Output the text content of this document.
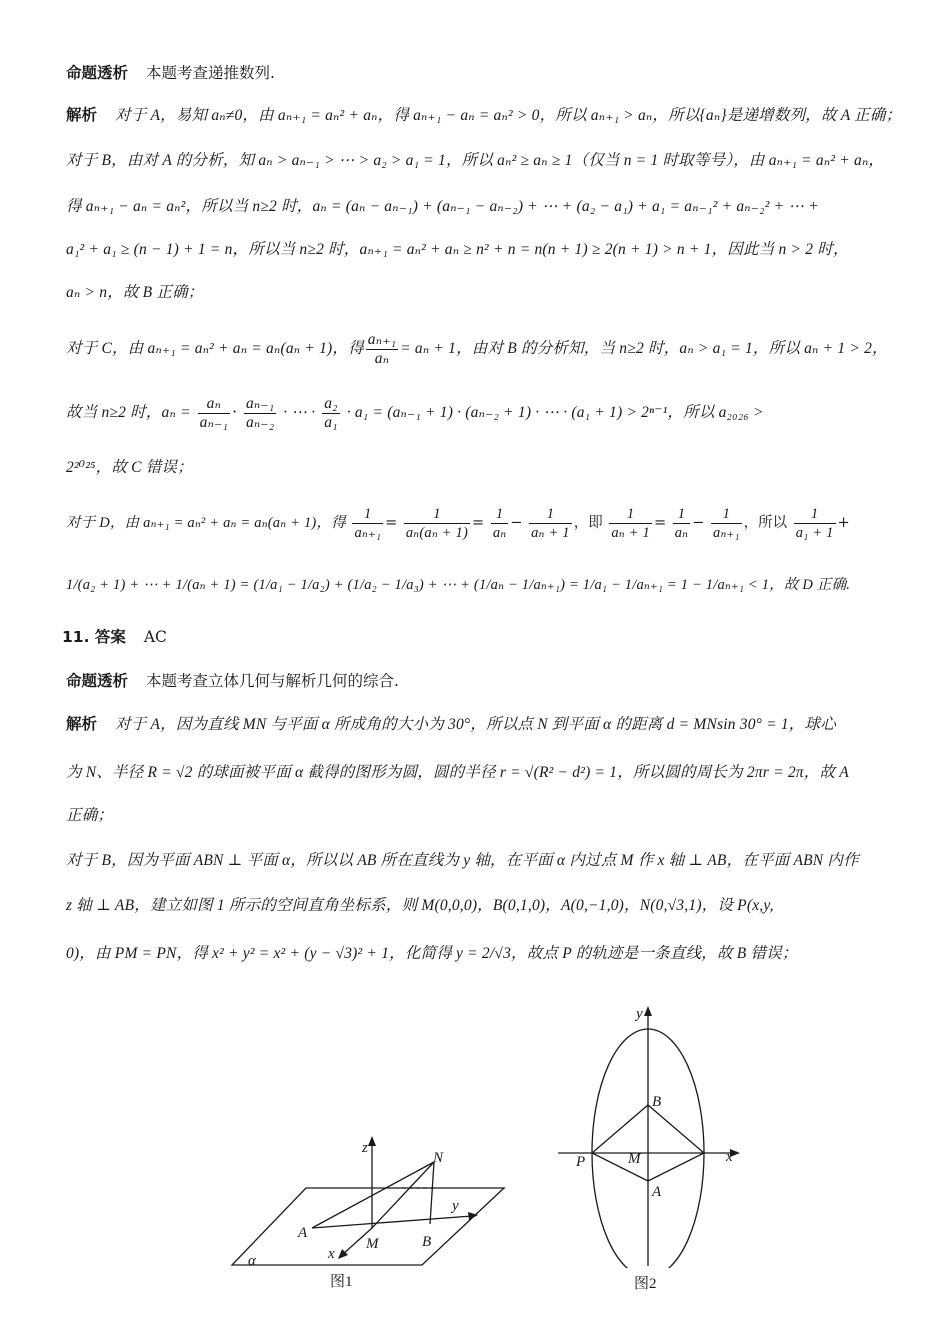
命题透析 本题考查递推数列.
解析 对于 A，易知 aₙ≠0，由 aₙ₊₁ = aₙ² + aₙ，得 aₙ₊₁ − aₙ = aₙ² > 0，所以 aₙ₊₁ > aₙ，所以{aₙ}是递增数列，故 A 正确；
对于 B，由对 A 的分析，知 aₙ > aₙ₋₁ > ⋯ > a₂ > a₁ = 1，所以 aₙ² ≥ aₙ ≥ 1（仅当 n = 1 时取等号），由 aₙ₊₁ = aₙ² + aₙ，
得 aₙ₊₁ − aₙ = aₙ²，所以当 n≥2 时，aₙ = (aₙ − aₙ₋₁) + (aₙ₋₁ − aₙ₋₂) + ⋯ + (a₂ − a₁) + a₁ = aₙ₋₁² + aₙ₋₂² + ⋯ +
a₁² + a₁ ≥ (n − 1) + 1 = n，所以当 n≥2 时，aₙ₊₁ = aₙ² + aₙ ≥ n² + n = n(n + 1) ≥ 2(n + 1) > n + 1，因此当 n > 2 时，
aₙ > n，故 B 正确；
对于 C，由 aₙ₊₁ = aₙ² + aₙ = aₙ(aₙ + 1)，得 $\frac{\text{aₙ₊₁}}{\text{aₙ}} = a_n + 1$，由对 B 的分析知，当 n≥2 时，aₙ > a₁ = 1，所以 aₙ + 1 > 2，
故当 n≥2 时，$a_n = \frac{\text{aₙ}}{\text{aₙ₋₁}} \cdot \frac{\text{aₙ₋₁}}{\text{aₙ₋₂}}$ · ⋯ · $\frac{\text{a₂}}{\text{a₁}} \cdot a_1 = (a_{n-1} + 1) \cdot (a_{n-2} + 1)$ · ⋯ · (a₁ + 1) > 2ⁿ⁻¹，所以 a₂₀₂₆ >
2²⁰²⁵，故 C 错误；
对于 D，由 aₙ₊₁ = aₙ² + aₙ = aₙ(aₙ + 1)，得 $\frac{1}{\text{aₙ₊₁}} = \frac{1}{\text{aₙ(aₙ + 1)}} = \frac{1}{\text{aₙ}} - \frac{1}{\text{aₙ + 1}}$ ，即 $\frac{1}{\text{aₙ + 1}} = \frac{1}{\text{aₙ}} - \frac{1}{\text{aₙ₊₁}}$ ，所以 $\frac{1}{\text{a₁ + 1}}$ +
1/(a₂ + 1) + ⋯ + 1/(aₙ + 1) = (1/a₁ − 1/a₂) + (1/a₂ − 1/a₃) + ⋯ + (1/aₙ − 1/aₙ₊₁) = 1/a₁ − 1/aₙ₊₁ = 1 − 1/aₙ₊₁ < 1，故 D 正确.
11. 答案 AC
命题透析 本题考查立体几何与解析几何的综合.
解析 对于 A，因为直线 MN 与平面 α 所成角的大小为 30°，所以点 N 到平面 α 的距离 d = MNsin 30° = 1，球心
为 N、半径 R = √2 的球面被平面 α 截得的图形为圆，圆的半径 r = √(R² − d²) = 1，所以圆的周长为 2πr = 2π，故 A
正确；
对于 B，因为平面 ABN ⊥ 平面 α，所以以 AB 所在直线为 y 轴，在平面 α 内过点 M 作 x 轴 ⊥ AB，在平面 ABN 内作
z 轴 ⊥ AB，建立如图 1 所示的空间直角坐标系，则 M(0,0,0)，B(0,1,0)，A(0,−1,0)，N(0,√3,1)，设 P(x,y,
0)，由 PM = PN，得 x² + y² = x² + (y − √3)² + 1，化简得 y = 2/√3，故点 P 的轨迹是一条直线，故 B 错误；
z
N
y
A
M	B
x
α
图1
y
B
P	M	x
A
图2
